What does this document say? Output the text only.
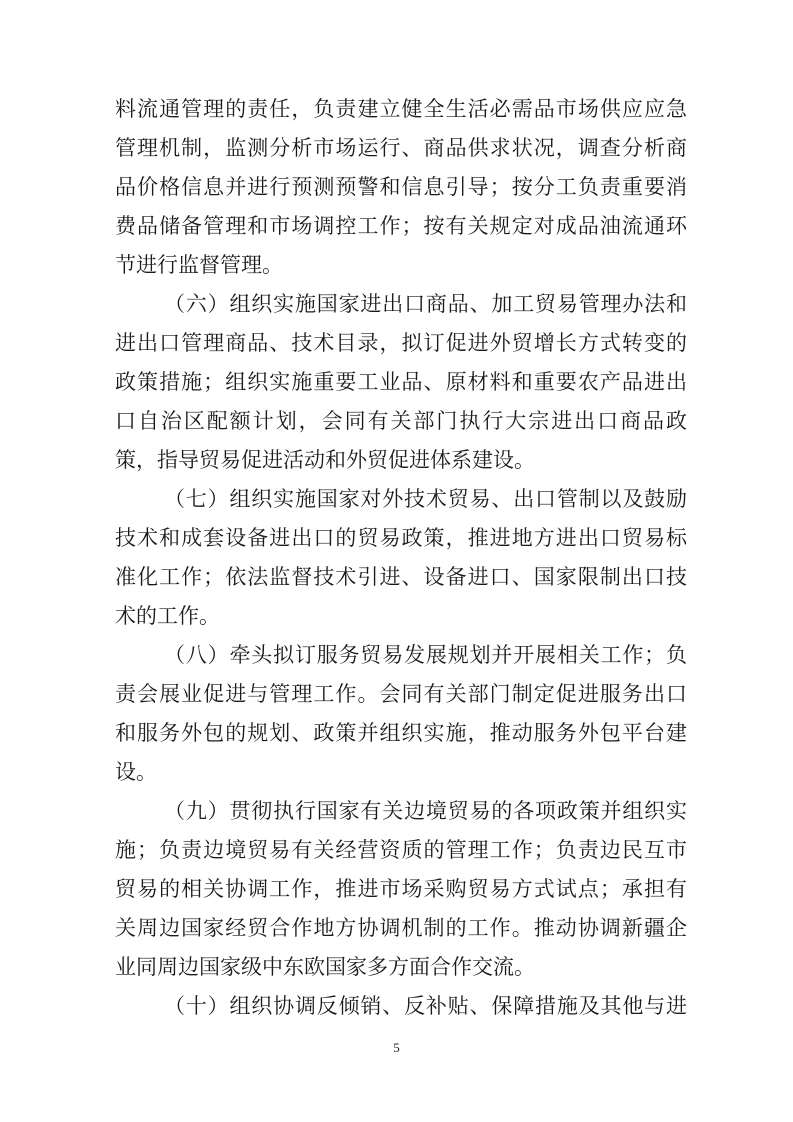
料流通管理的责任，负责建立健全生活必需品市场供应应急
管理机制，监测分析市场运行、商品供求状况，调查分析商
品价格信息并进行预测预警和信息引导；按分工负责重要消
费品储备管理和市场调控工作；按有关规定对成品油流通环
节进行监督管理。
（六）组织实施国家进出口商品、加工贸易管理办法和
进出口管理商品、技术目录，拟订促进外贸增长方式转变的
政策措施；组织实施重要工业品、原材料和重要农产品进出
口自治区配额计划，会同有关部门执行大宗进出口商品政
策，指导贸易促进活动和外贸促进体系建设。
（七）组织实施国家对外技术贸易、出口管制以及鼓励
技术和成套设备进出口的贸易政策，推进地方进出口贸易标
准化工作；依法监督技术引进、设备进口、国家限制出口技
术的工作。
（八）牵头拟订服务贸易发展规划并开展相关工作；负
责会展业促进与管理工作。会同有关部门制定促进服务出口
和服务外包的规划、政策并组织实施，推动服务外包平台建
设。
（九）贯彻执行国家有关边境贸易的各项政策并组织实
施；负责边境贸易有关经营资质的管理工作；负责边民互市
贸易的相关协调工作，推进市场采购贸易方式试点；承担有
关周边国家经贸合作地方协调机制的工作。推动协调新疆企
业同周边国家级中东欧国家多方面合作交流。
（十）组织协调反倾销、反补贴、保障措施及其他与进
5
